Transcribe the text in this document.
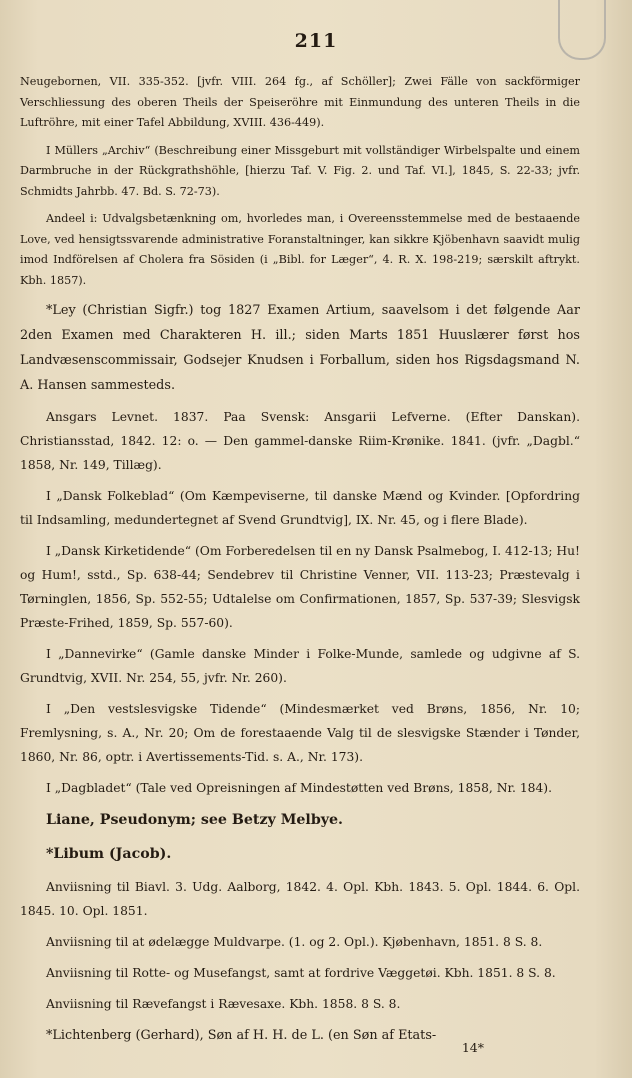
211

Neugebornen, VII. 335-352. [jvfr. VIII. 264 fg., af Schöller]; Zwei Fälle von sackförmiger Verschliessung des oberen Theils der Speiseröhre mit Einmundung des unteren Theils in die Luftröhre, mit einer Tafel Abbildung, XVIII. 436-449).

I Müllers „Archiv“ (Beschreibung einer Missgeburt mit vollständiger Wirbelspalte und einem Darmbruche in der Rückgrathshöhle, [hierzu Taf. V. Fig. 2. und Taf. VI.], 1845, S. 22-33; jvfr. Schmidts Jahrbb. 47. Bd. S. 72-73).

Andeel i: Udvalgsbetænkning om, hvorledes man, i Overeensstemmelse med de bestaaende Love, ved hensigtssvarende administrative Foranstaltninger, kan sikkre Kjöbenhavn saavidt mulig imod Indförelsen af Cholera fra Sösiden (i „Bibl. for Læger“, 4. R. X. 198-219; særskilt aftrykt. Kbh. 1857).

*Ley (Christian Sigfr.) tog 1827 Examen Artium, saavelsom i det følgende Aar 2den Examen med Charakteren H. ill.; siden Marts 1851 Huuslærer først hos Landvæsenscommissair, Godsejer Knudsen i Forballum, siden hos Rigsdagsmand N. A. Hansen sammesteds.

Ansgars Levnet. 1837. Paa Svensk: Ansgarii Lefverne. (Efter Danskan). Christiansstad, 1842. 12: o. — Den gammel-danske Riim-Krønike. 1841. (jvfr. „Dagbl.“ 1858, Nr. 149, Tillæg).

I „Dansk Folkeblad“ (Om Kæmpeviserne, til danske Mænd og Kvinder. [Opfordring til Indsamling, medundertegnet af Svend Grundtvig], IX. Nr. 45, og i flere Blade).

I „Dansk Kirketidende“ (Om Forberedelsen til en ny Dansk Psalmebog, I. 412-13; Hu! og Hum!, sstd., Sp. 638-44; Sendebrev til Christine Venner, VII. 113-23; Præstevalg i Tørninglen, 1856, Sp. 552-55; Udtalelse om Confirmationen, 1857, Sp. 537-39; Slesvigsk Præste-Frihed, 1859, Sp. 557-60).

I „Dannevirke“ (Gamle danske Minder i Folke-Munde, samlede og udgivne af S. Grundtvig, XVII. Nr. 254, 55, jvfr. Nr. 260).

I „Den vestslesvigske Tidende“ (Mindesmærket ved Brøns, 1856, Nr. 10; Fremlysning, s. A., Nr. 20; Om de forestaaende Valg til de slesvigske Stænder i Tønder, 1860, Nr. 86, optr. i Avertissements-Tid. s. A., Nr. 173).

I „Dagbladet“ (Tale ved Opreisningen af Mindestøtten ved Brøns, 1858, Nr. 184).

Liane, Pseudonym; see Betzy Melbye.

*Libum (Jacob).

Anviisning til Biavl. 3. Udg. Aalborg, 1842. 4. Opl. Kbh. 1843. 5. Opl. 1844. 6. Opl. 1845. 10. Opl. 1851.

Anviisning til at ødelægge Muldvarpe. (1. og 2. Opl.). Kjøbenhavn, 1851. 8 S. 8.

Anviisning til Rotte- og Musefangst, samt at fordrive Væggetøi. Kbh. 1851. 8 S. 8.

Anviisning til Rævefangst i Rævesaxe. Kbh. 1858. 8 S. 8.

*Lichtenberg (Gerhard), Søn af H. H. de L. (en Søn af Etats-

14*
